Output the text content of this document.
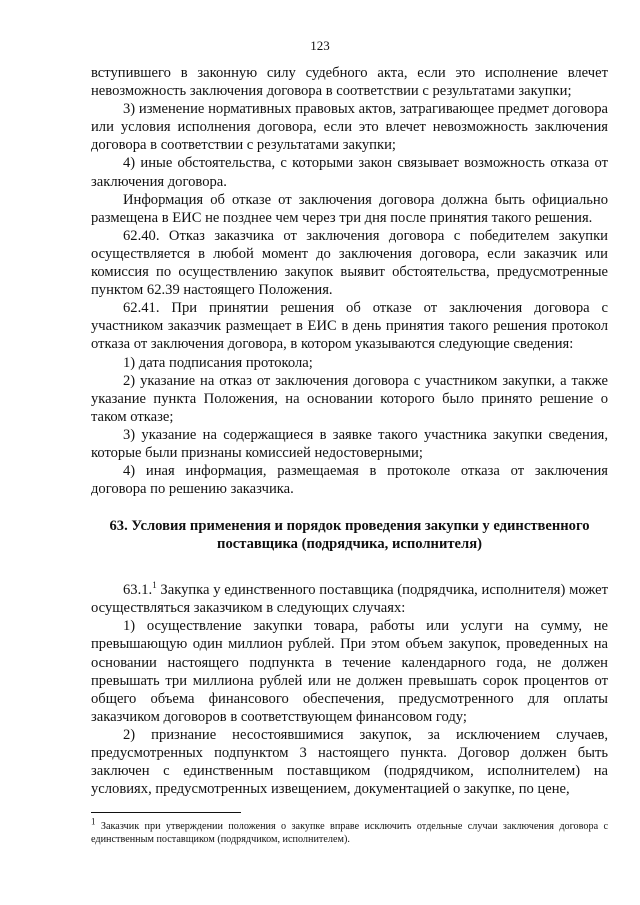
123

вступившего в законную силу судебного акта, если это исполнение влечет невозможность заключения договора в соответствии с результатами закупки;

3) изменение нормативных правовых актов, затрагивающее предмет договора или условия исполнения договора, если это влечет невозможность заключения договора в соответствии с результатами закупки;

4) иные обстоятельства, с которыми закон связывает возможность отказа от заключения договора.

Информация об отказе от заключения договора должна быть официально размещена в ЕИС не позднее чем через три дня после принятия такого решения.

62.40. Отказ заказчика от заключения договора с победителем закупки осуществляется в любой момент до заключения договора, если заказчик или комиссия по осуществлению закупок выявит обстоятельства, предусмотренные пунктом 62.39 настоящего Положения.

62.41. При принятии решения об отказе от заключения договора с участником заказчик размещает в ЕИС в день принятия такого решения протокол отказа от заключения договора, в котором указываются следующие сведения:

1) дата подписания протокола;

2) указание на отказ от заключения договора с участником закупки, а также указание пункта Положения, на основании которого было принято решение о таком отказе;

3) указание на содержащиеся в заявке такого участника закупки сведения, которые были признаны комиссией недостоверными;

4) иная информация, размещаемая в протоколе отказа от заключения договора по решению заказчика.

63. Условия применения и порядок проведения закупки у единственного
поставщика (подрядчика, исполнителя)

63.1.$^1$ Закупка у единственного поставщика (подрядчика, исполнителя) может осуществляться заказчиком в следующих случаях:

1) осуществление закупки товара, работы или услуги на сумму, не превышающую один миллион рублей. При этом объем закупок, проведенных на основании настоящего подпункта в течение календарного года, не должен превышать три миллиона рублей или не должен превышать сорок процентов от общего объема финансового обеспечения, предусмотренного для оплаты заказчиком договоров в соответствующем финансовом году;

2) признание несостоявшимися закупок, за исключением случаев, предусмотренных подпунктом 3 настоящего пункта. Договор должен быть заключен с единственным поставщиком (подрядчиком, исполнителем) на условиях, предусмотренных извещением, документацией о закупке, по цене,

$^1$ Заказчик при утверждении положения о закупке вправе исключить отдельные случаи заключения договора с единственным поставщиком (подрядчиком, исполнителем).
